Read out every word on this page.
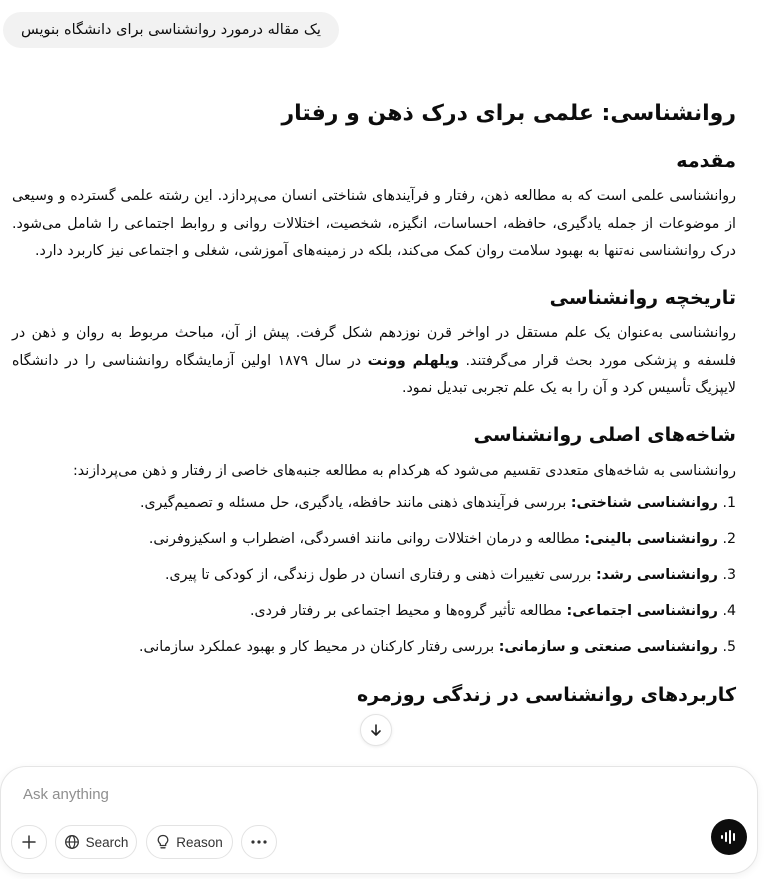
یک مقاله درمورد روانشناسی برای دانشگاه بنویس
روانشناسی: علمی برای درک ذهن و رفتار
مقدمه

روانشناسی علمی است که به مطالعه ذهن، رفتار و فرآیندهای شناختی انسان می‌پردازد. این رشته علمی گسترده و وسیعی از موضوعات از جمله یادگیری، حافظه، احساسات، انگیزه، شخصیت، اختلالات روانی و روابط اجتماعی را شامل می‌شود. درک روانشناسی نه‌تنها به بهبود سلامت روان کمک می‌کند، بلکه در زمینه‌های آموزشی، شغلی و اجتماعی نیز کاربرد دارد.

تاریخچه روانشناسی

روانشناسی به‌عنوان یک علم مستقل در اواخر قرن نوزدهم شکل گرفت. پیش از آن، مباحث مربوط به روان و ذهن در فلسفه و پزشکی مورد بحث قرار می‌گرفتند. ویلهلم وونت در سال ۱۸۷۹ اولین آزمایشگاه روانشناسی را در دانشگاه لایپزیگ تأسیس کرد و آن را به یک علم تجربی تبدیل نمود.

شاخه‌های اصلی روانشناسی

روانشناسی به شاخه‌های متعددی تقسیم می‌شود که هرکدام به مطالعه جنبه‌های خاصی از رفتار و ذهن می‌پردازند:

1. روانشناسی شناختی: بررسی فرآیندهای ذهنی مانند حافظه، یادگیری، حل مسئله و تصمیم‌گیری.
2. روانشناسی بالینی: مطالعه و درمان اختلالات روانی مانند افسردگی، اضطراب و اسکیزوفرنی.
3. روانشناسی رشد: بررسی تغییرات ذهنی و رفتاری انسان در طول زندگی، از کودکی تا پیری.
4. روانشناسی اجتماعی: مطالعه تأثیر گروه‌ها و محیط اجتماعی بر رفتار فردی.
5. روانشناسی صنعتی و سازمانی: بررسی رفتار کارکنان در محیط کار و بهبود عملکرد سازمانی.
کاربردهای روانشناسی در زندگی روزمره
Ask anything
Search	Reason
